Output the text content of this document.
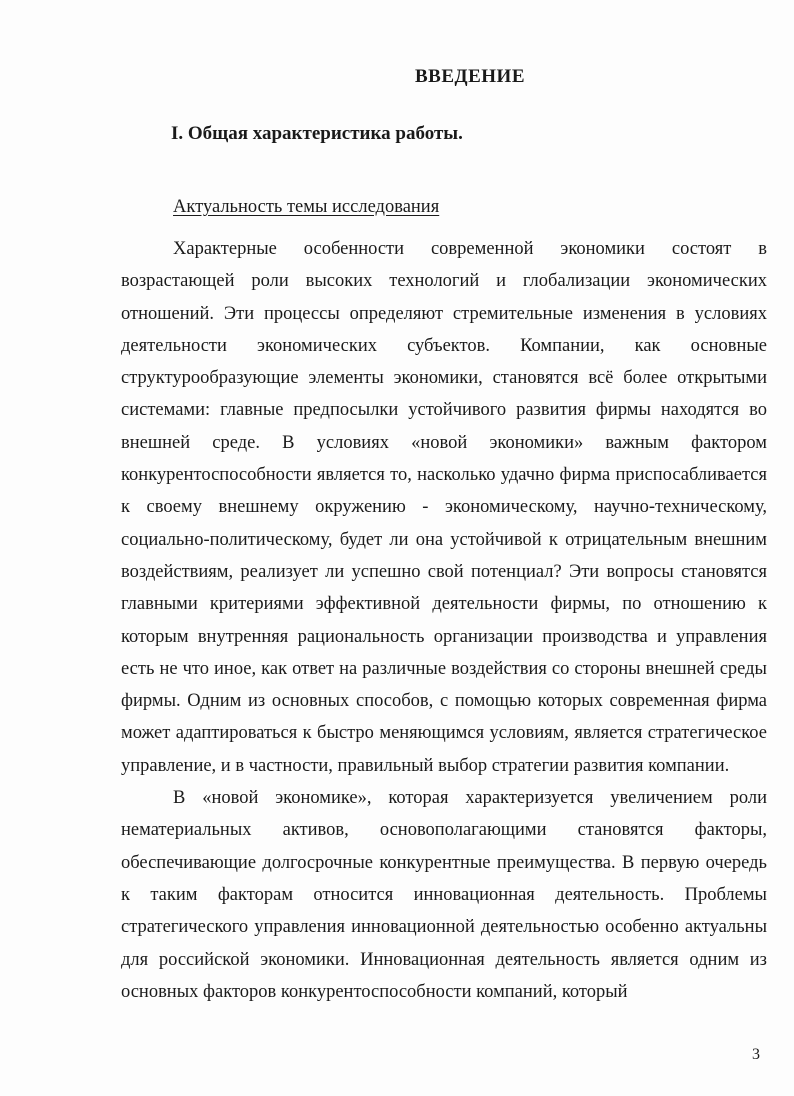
ВВЕДЕНИЕ
I. Общая характеристика работы.
Актуальность темы исследования

Характерные особенности современной экономики состоят в возрастающей роли высоких технологий и глобализации экономических отношений. Эти процессы определяют стремительные изменения в условиях деятельности экономических субъектов. Компании, как основные структурообразующие элементы экономики, становятся всё более открытыми системами: главные предпосылки устойчивого развития фирмы находятся во внешней среде. В условиях «новой экономики» важным фактором конкурентоспособности является то, насколько удачно фирма приспосабливается к своему внешнему окружению - экономическому, научно-техническому, социально-политическому, будет ли она устойчивой к отрицательным внешним воздействиям, реализует ли успешно свой потенциал? Эти вопросы становятся главными критериями эффективной деятельности фирмы, по отношению к которым внутренняя рациональность организации производства и управления есть не что иное, как ответ на различные воздействия со стороны внешней среды фирмы. Одним из основных способов, с помощью которых современная фирма может адаптироваться к быстро меняющимся условиям, является стратегическое управление, и в частности, правильный выбор стратегии развития компании.

В «новой экономике», которая характеризуется увеличением роли нематериальных активов, основополагающими становятся факторы, обеспечивающие долгосрочные конкурентные преимущества. В первую очередь к таким факторам относится инновационная деятельность. Проблемы стратегического управления инновационной деятельностью особенно актуальны для российской экономики. Инновационная деятельность является одним из основных факторов конкурентоспособности компаний, который

3
